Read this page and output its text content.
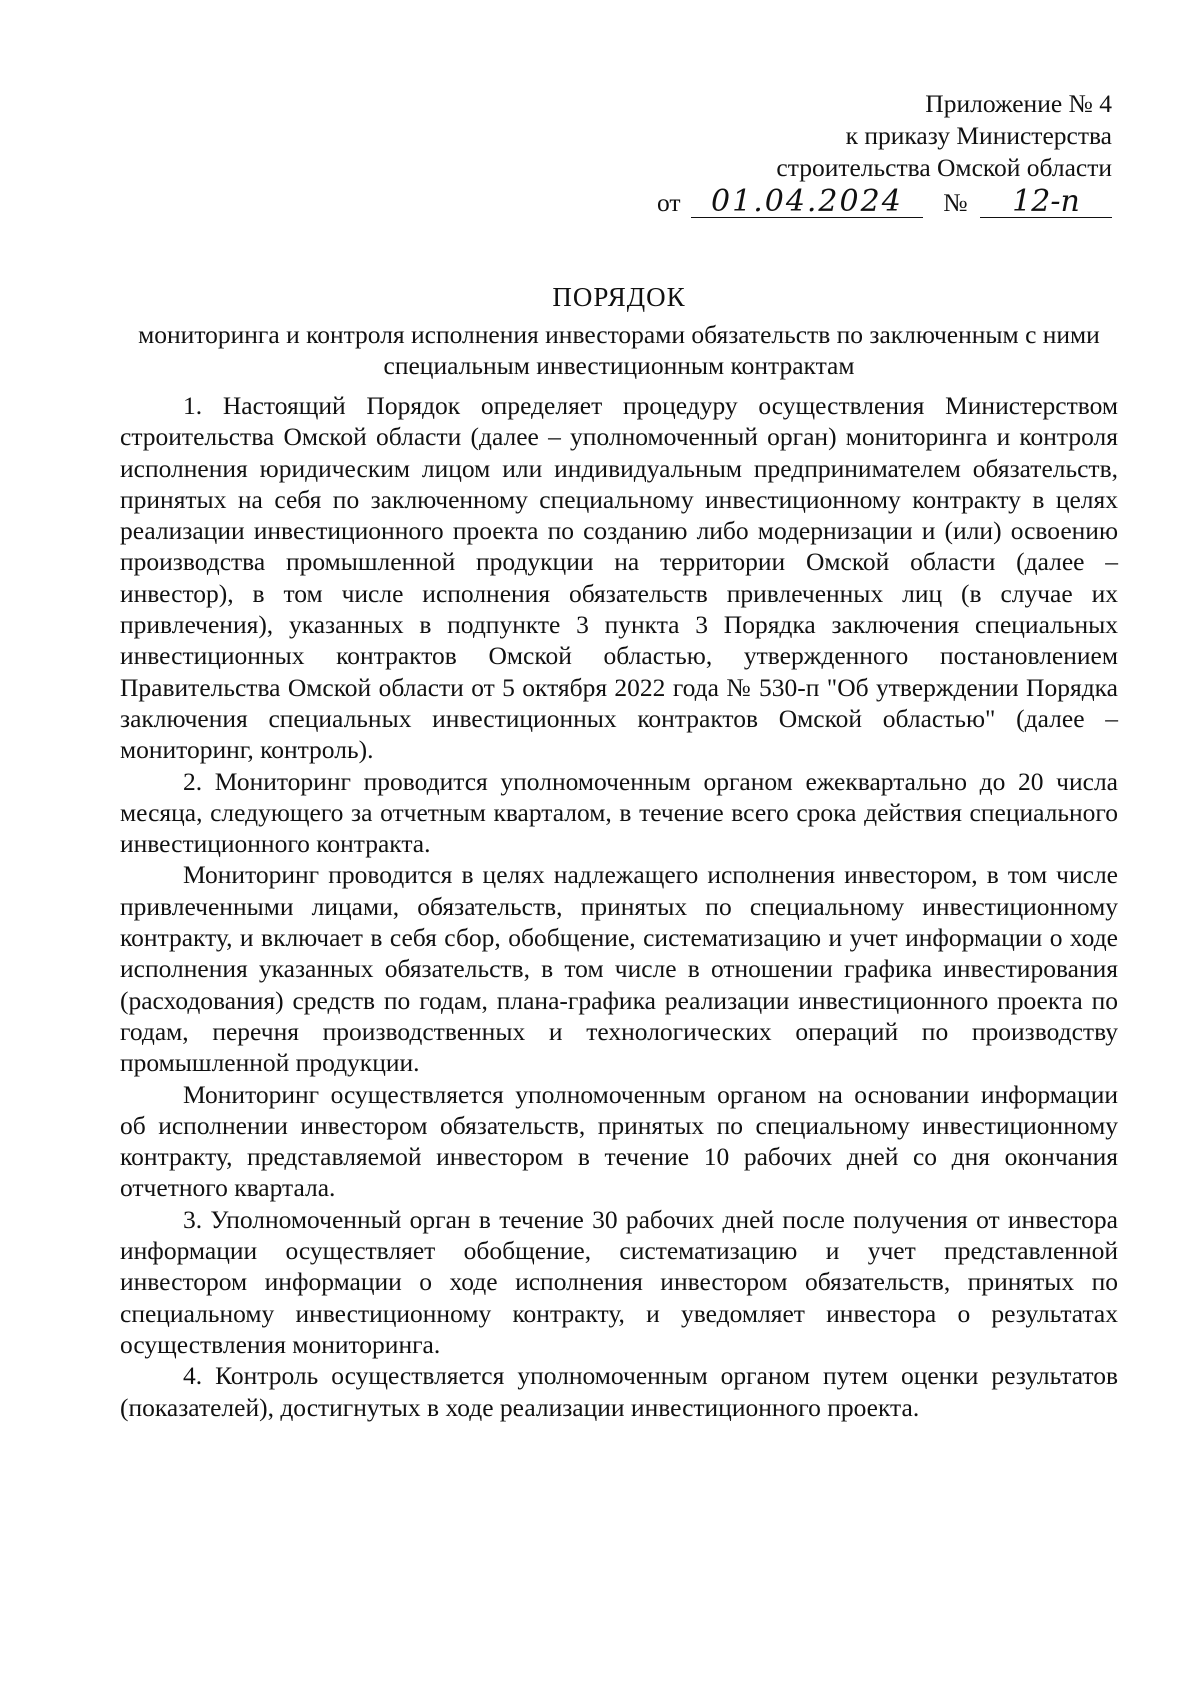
Приложение № 4
к приказу Министерства
строительства Омской области
от 01.04.2024 № 12-п
ПОРЯДОК
мониторинга и контроля исполнения инвесторами обязательств по заключенным с ними специальным инвестиционным контрактам

1. Настоящий Порядок определяет процедуру осуществления Министерством строительства Омской области (далее – уполномоченный орган) мониторинга и контроля исполнения юридическим лицом или индивидуальным предпринимателем обязательств, принятых на себя по заключенному специальному инвестиционному контракту в целях реализации инвестиционного проекта по созданию либо модернизации и (или) освоению производства промышленной продукции на территории Омской области (далее – инвестор), в том числе исполнения обязательств привлеченных лиц (в случае их привлечения), указанных в подпункте 3 пункта 3 Порядка заключения специальных инвестиционных контрактов Омской областью, утвержденного постановлением Правительства Омской области от 5 октября 2022 года № 530-п "Об утверждении Порядка заключения специальных инвестиционных контрактов Омской областью" (далее – мониторинг, контроль).

2. Мониторинг проводится уполномоченным органом ежеквартально до 20 числа месяца, следующего за отчетным кварталом, в течение всего срока действия специального инвестиционного контракта.

Мониторинг проводится в целях надлежащего исполнения инвестором, в том числе привлеченными лицами, обязательств, принятых по специальному инвестиционному контракту, и включает в себя сбор, обобщение, систематизацию и учет информации о ходе исполнения указанных обязательств, в том числе в отношении графика инвестирования (расходования) средств по годам, плана-графика реализации инвестиционного проекта по годам, перечня производственных и технологических операций по производству промышленной продукции.

Мониторинг осуществляется уполномоченным органом на основании информации об исполнении инвестором обязательств, принятых по специальному инвестиционному контракту, представляемой инвестором в течение 10 рабочих дней со дня окончания отчетного квартала.

3. Уполномоченный орган в течение 30 рабочих дней после получения от инвестора информации осуществляет обобщение, систематизацию и учет представленной инвестором информации о ходе исполнения инвестором обязательств, принятых по специальному инвестиционному контракту, и уведомляет инвестора о результатах осуществления мониторинга.

4. Контроль осуществляется уполномоченным органом путем оценки результатов (показателей), достигнутых в ходе реализации инвестиционного проекта.
